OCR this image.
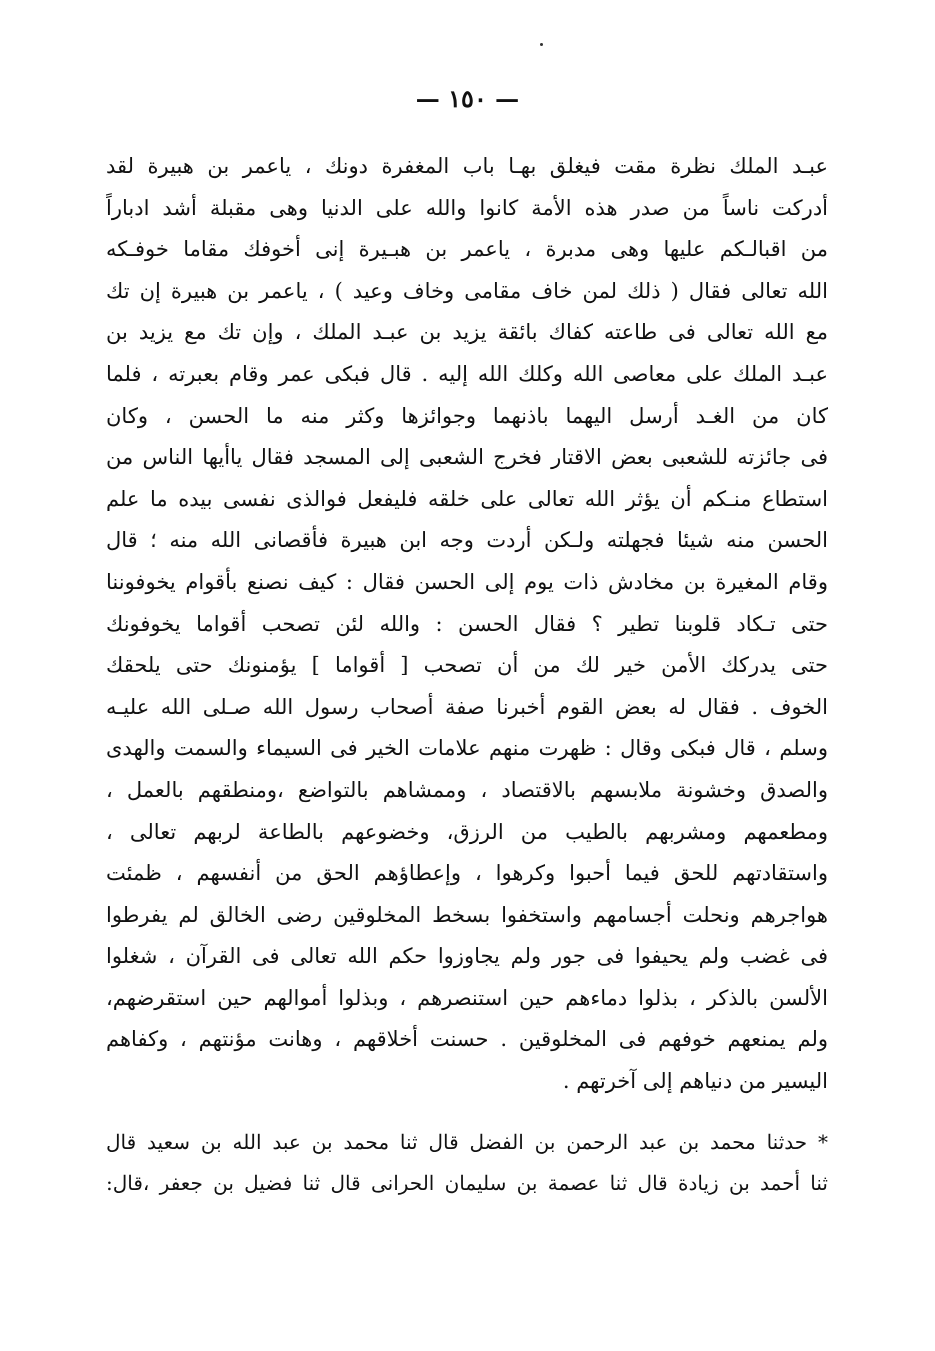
— ١٥٠ —
عبـد الملك نظرة مقت فيغلق بهـا باب المغفرة دونك ، ياعمر بن هبيرة لقد
أدركت ناساً من صدر هذه الأمة كانوا والله على الدنيا وهى مقبلة أشد ادباراً
من اقبالـكم عليها وهى مدبرة ، ياعمر بن هبـيرة إنى أخوفك مقاما خوفـكه
الله تعالى فقال ( ذلك لمن خاف مقامى وخاف وعيد ) ، ياعمر بن هبيرة إن تك
مع الله تعالى فى طاعته كفاك بائقة يزيد بن عبـد الملك ، وإن تك مع يزيد بن
عبـد الملك على معاصى الله وكلك الله إليه . قال فبكى عمر وقام بعبرته ، فلما
كان من الغـد أرسل اليهما باذنهما وجوائزها وكثر منه ما الحسن ، وكان
فى جائزته للشعبى بعض الاقتار فخرج الشعبى إلى المسجد فقال ياأيها الناس من
استطاع منـكم أن يؤثر الله تعالى على خلقه فليفعل فوالذى نفسى بيده ما علم
الحسن منه شيئا فجهلته ولـكن أردت وجه ابن هبيرة فأقصانى الله منه ؛ قال
وقام المغيرة بن مخادش ذات يوم إلى الحسن فقال : كيف نصنع بأقوام يخوفوننا
حتى تـكاد قلوبنا تطير ؟ فقال الحسن : والله لئن تصحب أقواما يخوفونك
حتى يدركك الأمن خير لك من أن تصحب [ أقواما ] يؤمنونك حتى يلحقك
الخوف . فقال له بعض القوم أخبرنا صفة أصحاب رسول الله صـلى الله عليـه
وسلم ، قال فبكى وقال : ظهرت منهم علامات الخير فى السيماء والسمت والهدى
والصدق وخشونة ملابسهم بالاقتصاد ، وممشاهم بالتواضع ،ومنطقهم بالعمل ،
ومطعمهم ومشربهم بالطيب من الرزق، وخضوعهم بالطاعة لربهم تعالى ،
واستقادتهم للحق فيما أحبوا وكرهوا ، وإعطاؤهم الحق من أنفسهم ، ظمئت
هواجرهم ونحلت أجسامهم واستخفوا بسخط المخلوقين رضى الخالق لم يفرطوا
فى غضب ولم يحيفوا فى جور ولم يجاوزوا حكم الله تعالى فى القرآن ، شغلوا
الألسن بالذكر ، بذلوا دماءهم حين استنصرهم ، وبذلوا أموالهم حين استقرضهم،
ولم يمنعهم خوفهم فى المخلوقين . حسنت أخلاقهم ، وهانت مؤنتهم ، وكفاهم
اليسير من دنياهم إلى آخرتهم .
* حدثنا محمد بن عبد الرحمن بن الفضل قال ثنا محمد بن عبد الله بن سعيد قال
ثنا أحمد بن زيادة قال ثنا عصمة بن سليمان الحرانى قال ثنا فضيل بن جعفر ،قال:
